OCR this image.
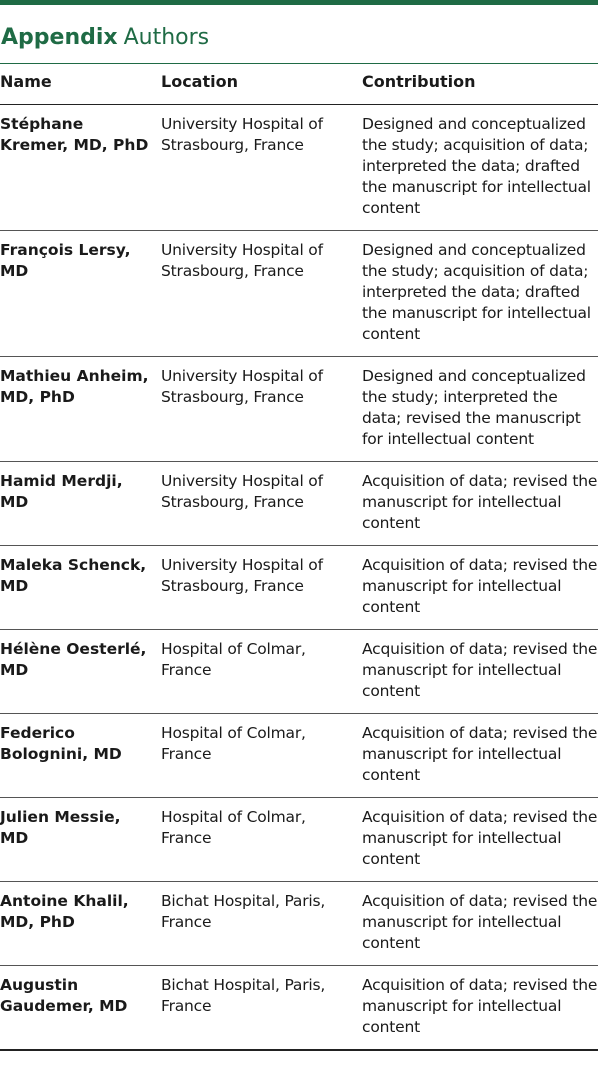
Appendix Authors
Name	Location	Contribution
Stéphane Kremer, MD, PhD	University Hospital of Strasbourg, France	Designed and conceptualized the study; acquisition of data; interpreted the data; drafted the manuscript for intellectual content
François Lersy, MD	University Hospital of Strasbourg, France	Designed and conceptualized the study; acquisition of data; interpreted the data; drafted the manuscript for intellectual content
Mathieu Anheim, MD, PhD	University Hospital of Strasbourg, France	Designed and conceptualized the study; interpreted the data; revised the manuscript for intellectual content
Hamid Merdji, MD	University Hospital of Strasbourg, France	Acquisition of data; revised the manuscript for intellectual content
Maleka Schenck, MD	University Hospital of Strasbourg, France	Acquisition of data; revised the manuscript for intellectual content
Hélène Oesterlé, MD	Hospital of Colmar, France	Acquisition of data; revised the manuscript for intellectual content
Federico Bolognini, MD	Hospital of Colmar, France	Acquisition of data; revised the manuscript for intellectual content
Julien Messie, MD	Hospital of Colmar, France	Acquisition of data; revised the manuscript for intellectual content
Antoine Khalil, MD, PhD	Bichat Hospital, Paris, France	Acquisition of data; revised the manuscript for intellectual content
Augustin Gaudemer, MD	Bichat Hospital, Paris, France	Acquisition of data; revised the manuscript for intellectual content
